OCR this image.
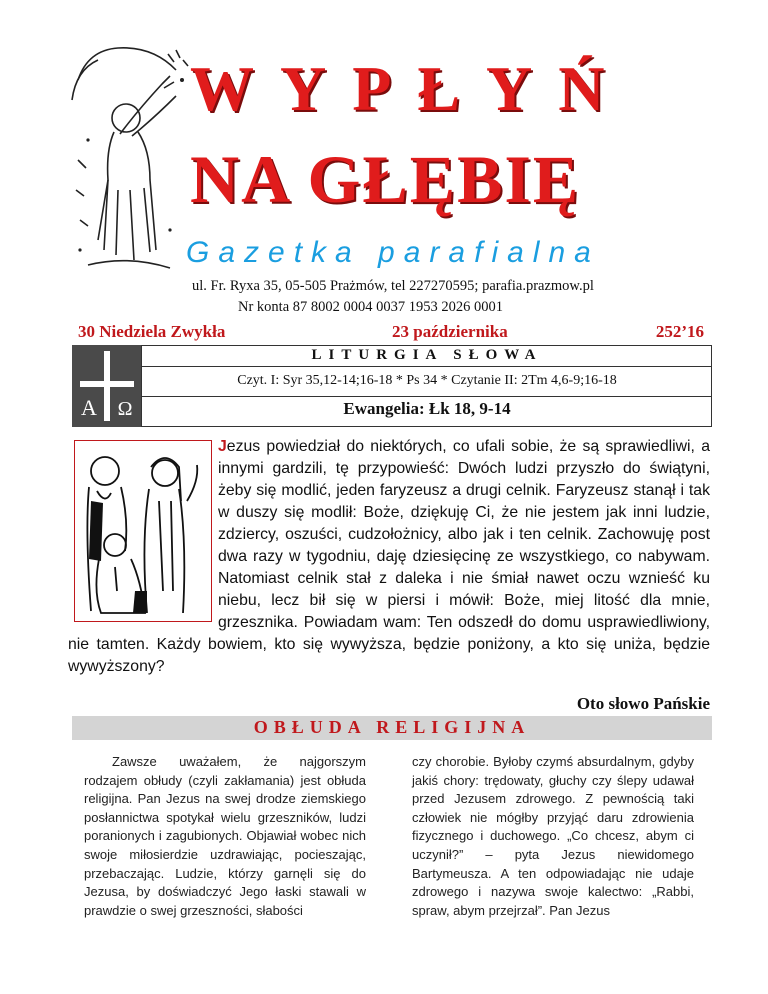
WYPŁYŃ
NA GŁĘBIĘ
Gazetka parafialna
ul. Fr. Ryxa 35, 05-505 Prażmów, tel 227270595; parafia.prazmow.pl
Nr konta 87 8002 0004 0037 1953 2026 0001
30 Niedziela Zwykła	23 października	252’16
A Ω
LITURGIA SŁOWA
Czyt. I: Syr 35,12-14;16-18 * Ps 34 * Czytanie II: 2Tm 4,6-9;16-18
Ewangelia: Łk 18, 9-14
Jezus powiedział do niektórych, co ufali sobie, że są sprawiedliwi, a innymi gardzili, tę przypowieść: Dwóch ludzi przyszło do świątyni, żeby się modlić, jeden faryzeusz a drugi celnik. Faryzeusz stanął i tak w duszy się modlił: Boże, dziękuję Ci, że nie jestem jak inni ludzie, zdziercy, oszuści, cudzołożnicy, albo jak i ten celnik. Zachowuję post dwa razy w tygodniu, daję dziesięcinę ze wszystkiego, co nabywam. Natomiast celnik stał z daleka i nie śmiał nawet oczu wznieść ku niebu, lecz bił się w piersi i mówił: Boże, miej litość dla mnie, grzesznika. Powiadam wam: Ten odszedł do domu usprawiedliwiony, nie tamten. Każdy bowiem, kto się wywyższa, będzie poniżony, a kto się uniża, będzie wywyższony?
Oto słowo Pańskie
OBŁUDA RELIGIJNA
Zawsze uważałem, że najgorszym rodzajem obłudy (czyli zakłamania) jest obłuda religijna. Pan Jezus na swej drodze ziemskiego posłannictwa spotykał wielu grzeszników, ludzi poranionych i zagubionych. Objawiał wobec nich swoje miłosierdzie uzdrawiając, pocieszając, przebaczając. Ludzie, którzy garnęli się do Jezusa, by doświadczyć Jego łaski stawali w prawdzie o swej grzeszności, słabości
czy chorobie. Byłoby czymś absurdalnym, gdyby jakiś chory: trędowaty, głuchy czy ślepy udawał przed Jezusem zdrowego. Z pewnością taki człowiek nie mógłby przyjąć daru zdrowienia fizycznego i duchowego. „Co chcesz, abym ci uczynił?” – pyta Jezus niewidomego Bartymeusza. A ten odpowiadając nie udaje zdrowego i nazywa swoje kalectwo: „Rabbi, spraw, abym przejrzał”. Pan Jezus
